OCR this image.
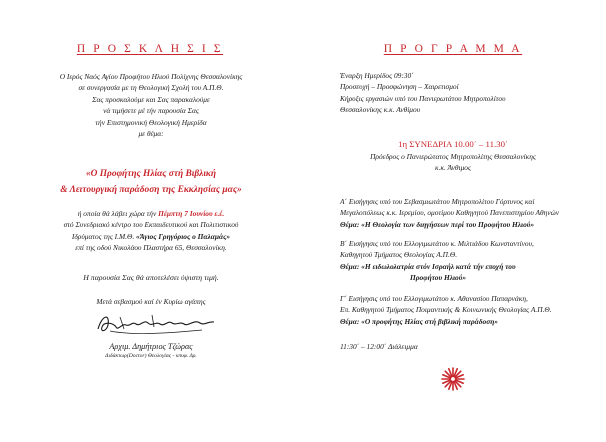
Π Ρ Ο Σ Κ Λ Η Σ Ι Σ
Ο Ιερός Ναός Αγίου Προφήτου Ηλιού Πολίχνης Θεσσαλονίκης
σε συνεργασία με τη Θεολογική Σχολή του Α.Π.Θ.
Σας προσκαλούμε και Σας παρακαλούμε
νά τιμήσετε μέ τήν παρουσία Σας
τήν Επιστημονική Θεολογική Ημερίδα
με θέμα:
«Ο Προφήτης Ηλίας στή Βιβλική
& Λειτουργική παράδοση της Εκκλησίας μας»
ή οποία θά λάβει χώρα τήν Πέμπτη 7 Ιουνίου ε.έ.
στό Συνεδριακό κέντρο του Εκπαιδευτικού και Πολιτιστικού
Ιδρύματος της Ι.Μ.Θ. «Άγιος Γρηγόριος ο Παλαμάς»
επί της οδού Νικολάου Πλαστήρα 65, Θεσσαλονίκη.
Η παρουσία Σας θά αποτελέσει ύψιστη τιμή.
Μετά σεβασμού καί έν Κυρίω αγάπης
Αρχιμ. Δημήτριος Τζώρας
Διδάκτωρ(Doctor) Θεολογίας - υπυφ. Δρ.
Π Ρ Ο Γ Ρ Α Μ Μ Α
Έναρξη Ημερίδος 09:30΄
Προσευχή – Προσφώνηση – Χαιρετισμοί
Κήρυξις εργασιών υπό του Πανιερωτάτου Μητροπολίτου
Θεσσαλονίκης κ.κ. Ανθίμου
1η ΣΥΝΕΔΡΙΑ 10.00΄ – 11.30΄
Πρόεδρος ο Πανιερώτατος Μητροπολίτης Θεσσαλονίκης
κ.κ. Άνθιμος
Α΄ Εισήγησις υπό του Σεβασμιωτάτου Μητροπολίτου Γόρτυνος καί
Μεγαλοπόλεως κ.κ. Ιερεμίου, ομοτίμου Καθηγητού Πανεπιστημίου Αθηνών
Θέμα: «Η Θεολογία των διηγήσεων περί του Προφήτου Ηλιού»
Β΄ Εισήγησις υπό του Ελλογιμωτάτου κ. Μιλτιάδου Κωνσταντίνου,
Καθηγητού Τμήματος Θεολογίας Α.Π.Θ.
Θέμα: «Η ειδωλολατρία στόν Ισραήλ κατά τήν εποχή του
Προφήτου Ηλιού»
Γ΄ Εισήγησις υπό του Ελλογιμωτάτου κ. Αθανασίου Παπαρνάκη,
Επ. Καθηγητού Τμήματος Ποιμαντικής & Κοινωνικής Θεολογίας Α.Π.Θ.
Θέμα: «Ο προφήτης Ηλίας στή βιβλική παράδοση»
11:30΄ – 12:00΄ Διάλειμμα
